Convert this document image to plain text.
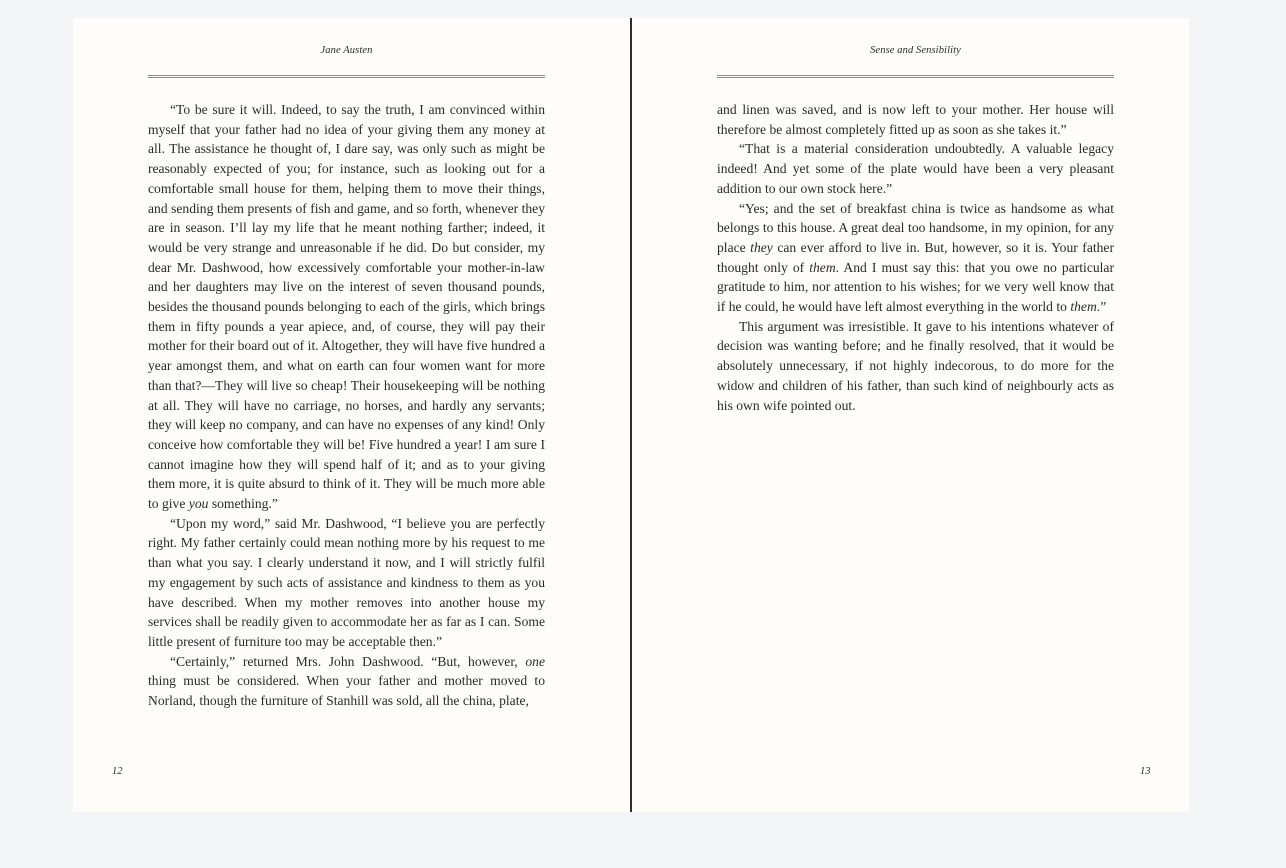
Jane Austen

“To be sure it will. Indeed, to say the truth, I am convinced within myself that your father had no idea of your giving them any money at all. The assistance he thought of, I dare say, was only such as might be reasonably expected of you; for instance, such as looking out for a comfortable small house for them, helping them to move their things, and sending them presents of fish and game, and so forth, whenever they are in season. I’ll lay my life that he meant nothing farther; indeed, it would be very strange and unreasonable if he did. Do but consider, my dear Mr. Dashwood, how excessively comfortable your mother-in-law and her daughters may live on the interest of seven thousand pounds, besides the thousand pounds belonging to each of the girls, which brings them in fifty pounds a year apiece, and, of course, they will pay their mother for their board out of it. Altogether, they will have five hundred a year amongst them, and what on earth can four women want for more than that?—They will live so cheap! Their housekeeping will be nothing at all. They will have no carriage, no horses, and hardly any servants; they will keep no company, and can have no expenses of any kind! Only conceive how comfortable they will be! Five hundred a year! I am sure I cannot imagine how they will spend half of it; and as to your giving them more, it is quite absurd to think of it. They will be much more able to give you something.”

“Upon my word,” said Mr. Dashwood, “I believe you are perfectly right. My father certainly could mean nothing more by his request to me than what you say. I clearly understand it now, and I will strictly fulfil my engagement by such acts of assistance and kindness to them as you have described. When my mother removes into another house my services shall be readily given to accommodate her as far as I can. Some little present of furniture too may be acceptable then.”

“Certainly,” returned Mrs. John Dashwood. “But, however, one thing must be considered. When your father and mother moved to Norland, though the furniture of Stanhill was sold, all the china, plate,

12
Sense and Sensibility

and linen was saved, and is now left to your mother. Her house will therefore be almost completely fitted up as soon as she takes it.”

“That is a material consideration undoubtedly. A valuable legacy indeed! And yet some of the plate would have been a very pleasant addition to our own stock here.”

“Yes; and the set of breakfast china is twice as handsome as what belongs to this house. A great deal too handsome, in my opinion, for any place they can ever afford to live in. But, however, so it is. Your father thought only of them. And I must say this: that you owe no particular gratitude to him, nor attention to his wishes; for we very well know that if he could, he would have left almost everything in the world to them.”

This argument was irresistible. It gave to his intentions whatever of decision was wanting before; and he finally resolved, that it would be absolutely unnecessary, if not highly indecorous, to do more for the widow and children of his father, than such kind of neighbourly acts as his own wife pointed out.

13
